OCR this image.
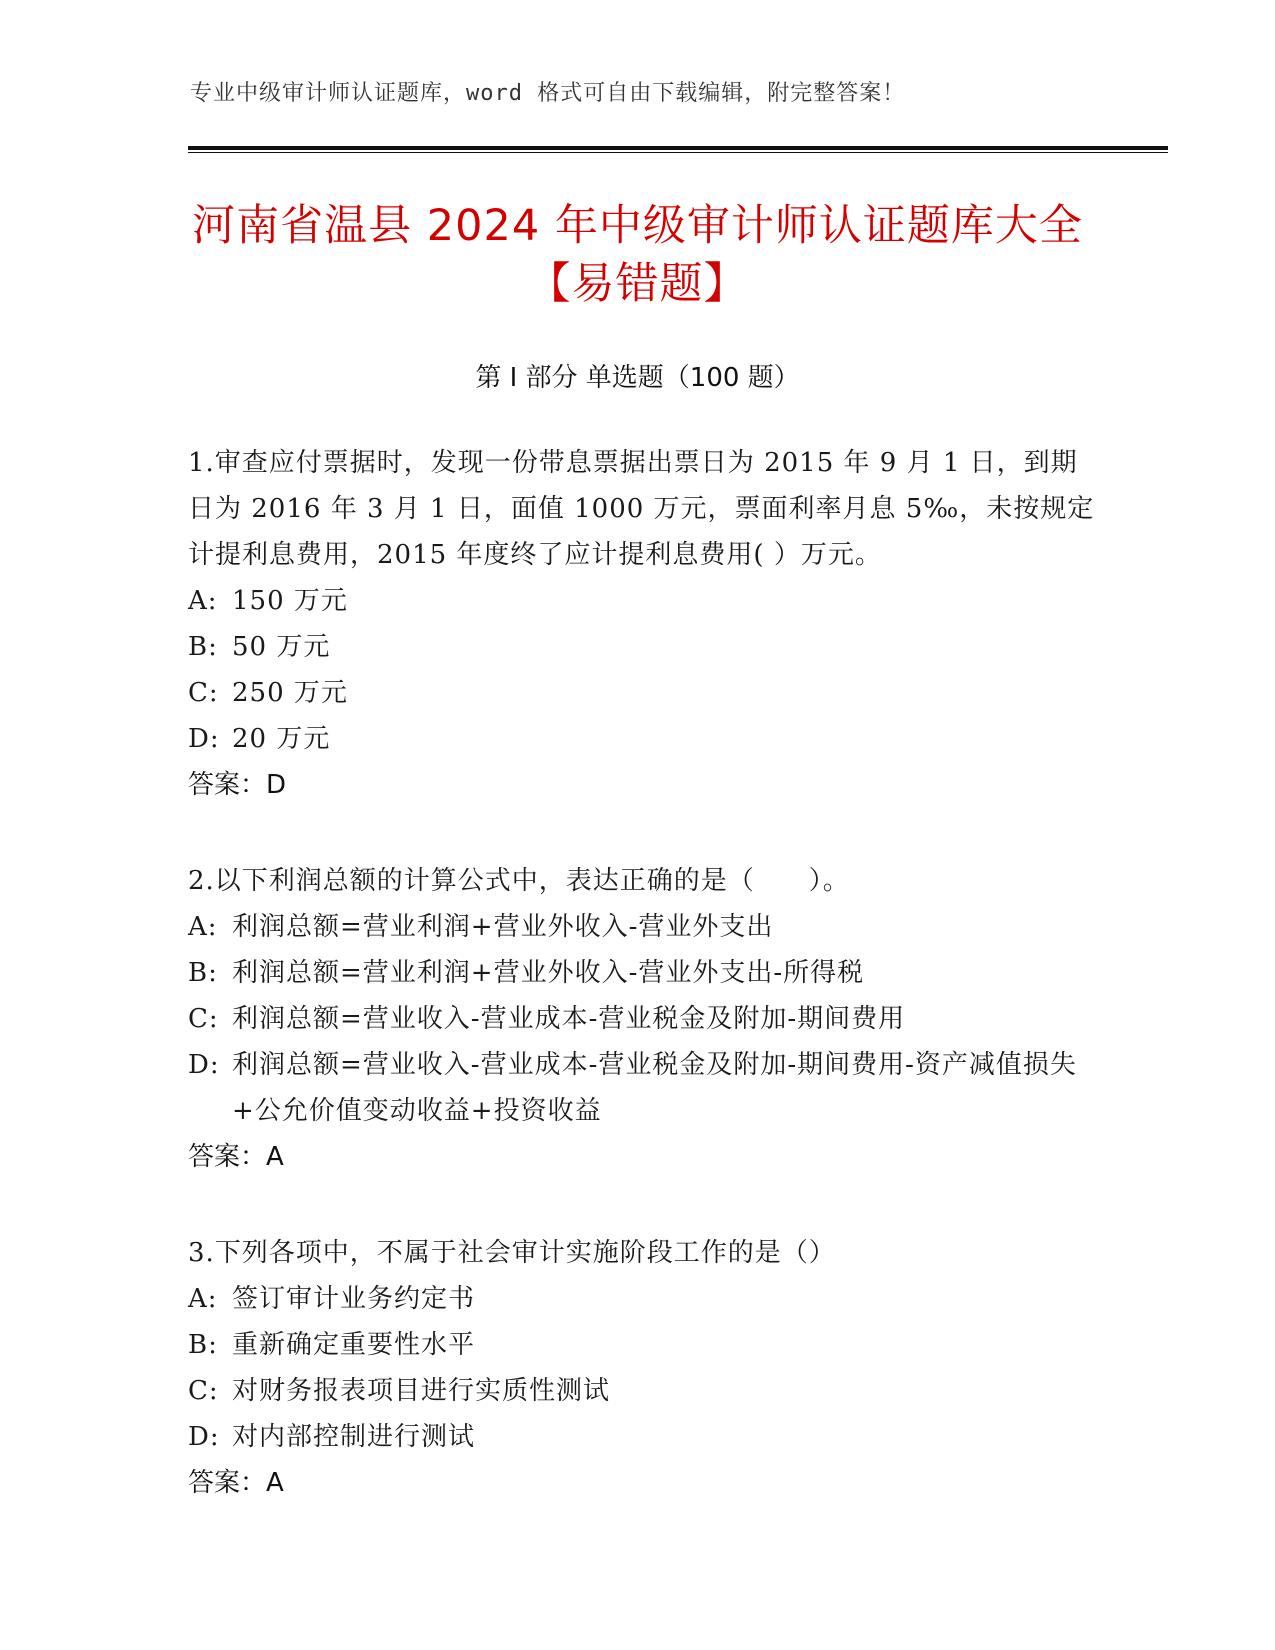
专业中级审计师认证题库，word 格式可自由下载编辑，附完整答案！
河南省温县 2024 年中级审计师认证题库大全
【易错题】
第 I 部分 单选题（100 题）
1.审查应付票据时，发现一份带息票据出票日为 2015 年 9 月 1 日，到期日为 2016 年 3 月 1 日，面值 1000 万元，票面利率月息 5‰，未按规定计提利息费用，2015 年度终了应计提利息费用( ）万元。
A: 150 万元
B: 50 万元
C: 250 万元
D: 20 万元
答案：D
2.以下利润总额的计算公式中，表达正确的是（　　）。
A: 利润总额=营业利润+营业外收入-营业外支出
B: 利润总额=营业利润+营业外收入-营业外支出-所得税
C: 利润总额=营业收入-营业成本-营业税金及附加-期间费用
D: 利润总额=营业收入-营业成本-营业税金及附加-期间费用-资产减值损失+公允价值变动收益+投资收益
答案：A
3.下列各项中，不属于社会审计实施阶段工作的是（）
A: 签订审计业务约定书
B: 重新确定重要性水平
C: 对财务报表项目进行实质性测试
D: 对内部控制进行测试
答案：A
